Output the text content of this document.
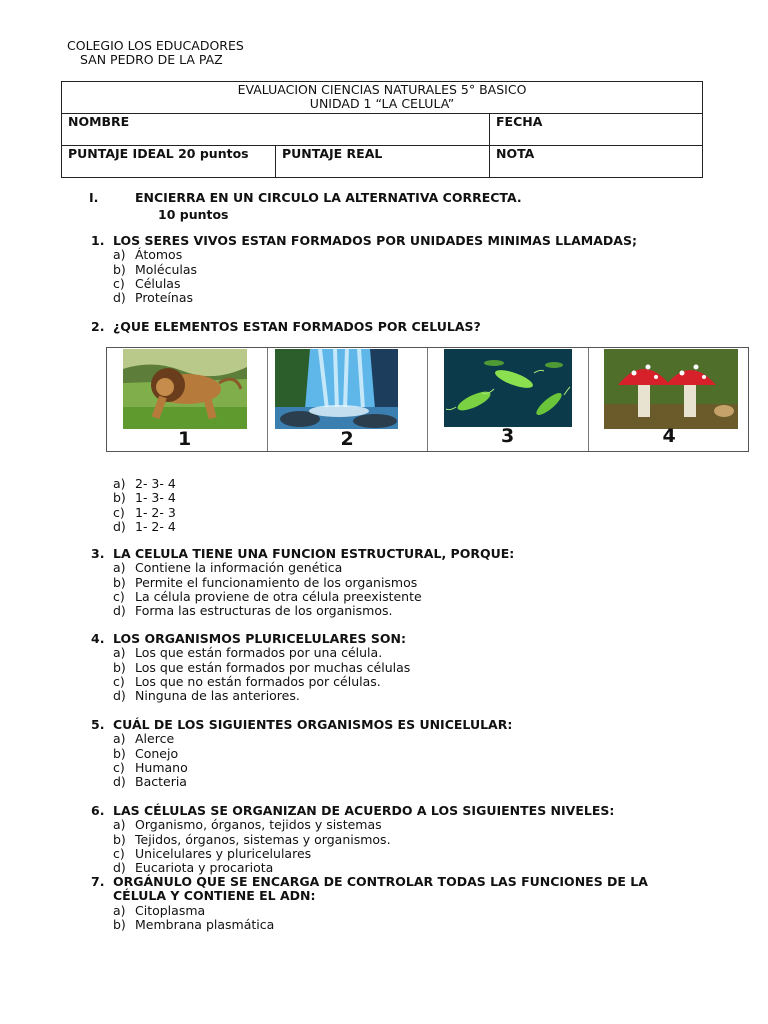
COLEGIO LOS EDUCADORES
SAN PEDRO DE LA PAZ
EVALUACION CIENCIAS NATURALES 5° BASICO
UNIDAD 1 “LA CELULA”		

NOMBRE		FECHA
PUNTAJE IDEAL 20 puntos	PUNTAJE REAL	NOTA
I.	ENCIERRA EN UN CIRCULO LA ALTERNATIVA CORRECTA.
10 puntos
1. LOS SERES VIVOS ESTAN FORMADOS POR UNIDADES MINIMAS LLAMADAS;
a) Átomos
b) Moléculas
c) Células
d) Proteínas
2. ¿QUE ELEMENTOS ESTAN FORMADOS POR CELULAS?
1	2	3	4
a) 2- 3- 4
b) 1- 3- 4
c) 1- 2- 3
d) 1- 2- 4
3. LA CELULA TIENE UNA FUNCION ESTRUCTURAL, PORQUE:
a) Contiene la información genética
b) Permite el funcionamiento de los organismos
c) La célula proviene de otra célula preexistente
d) Forma las estructuras de los organismos.
4. LOS ORGANISMOS PLURICELULARES SON:
a) Los que están formados por una célula.
b) Los que están formados por muchas células
c) Los que no están formados por células.
d) Ninguna de las anteriores.
5. CUÁL DE LOS SIGUIENTES ORGANISMOS ES UNICELULAR:
a) Alerce
b) Conejo
c) Humano
d) Bacteria
6. LAS CÉLULAS SE ORGANIZAN DE ACUERDO A LOS SIGUIENTES NIVELES:
a) Organismo, órganos, tejidos y sistemas
b) Tejidos, órganos, sistemas y organismos.
c) Unicelulares y pluricelulares
d) Eucariota y procariota
7. ORGÁNULO QUE SE ENCARGA DE CONTROLAR TODAS LAS FUNCIONES DE LA CÉLULA Y CONTIENE EL ADN:
a) Citoplasma
b) Membrana plasmática
